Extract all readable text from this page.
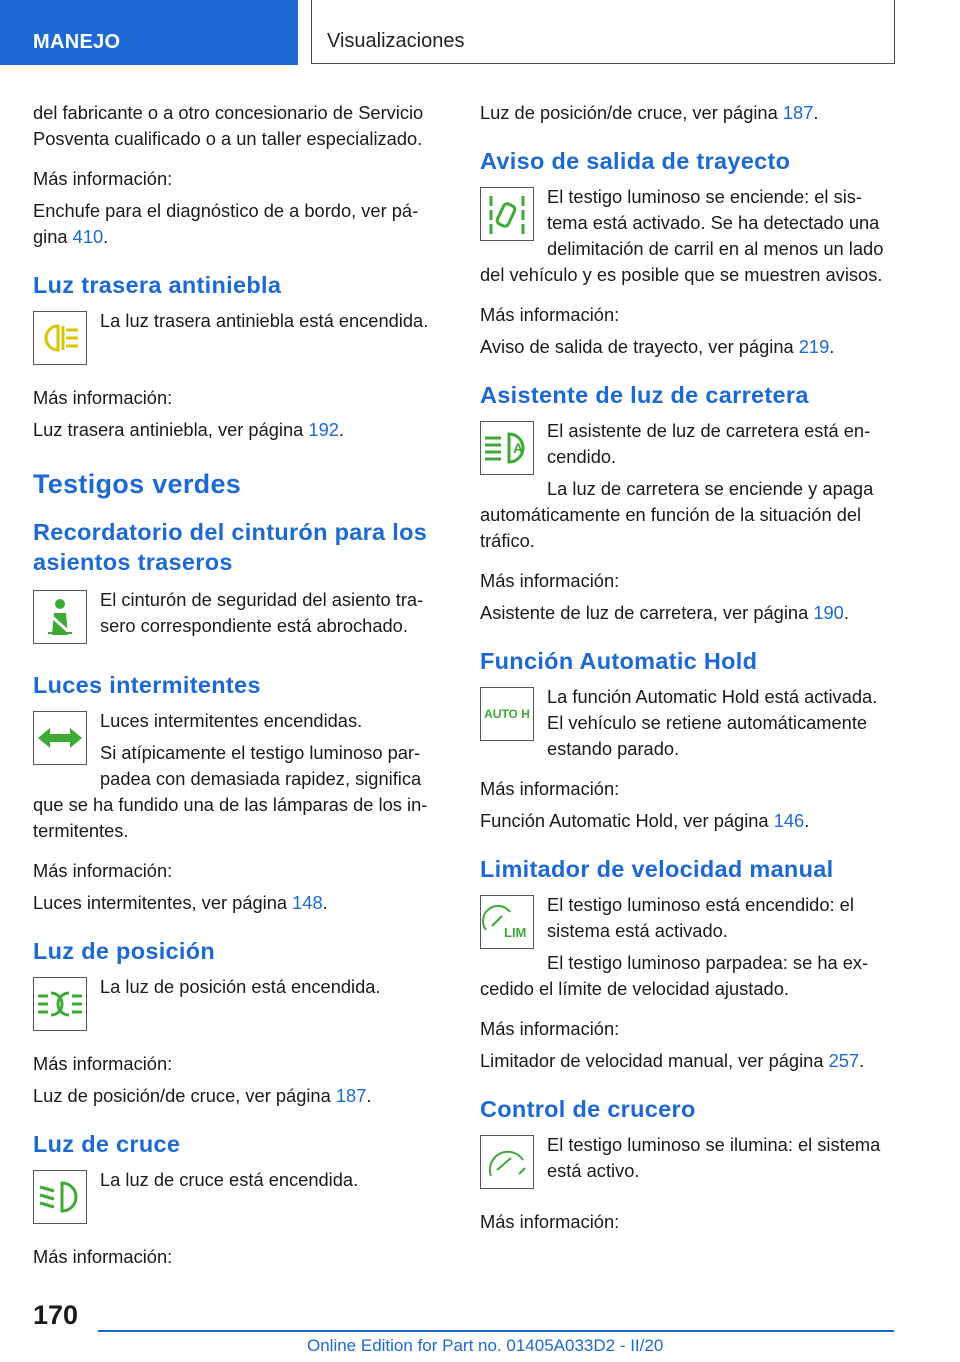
MANEJO	Visualizaciones

del fabricante o a otro concesionario de Servicio Posventa cualificado o a un taller especializado.

Más información:

Enchufe para el diagnóstico de a bordo, ver página 410.

Luz trasera antiniebla

La luz trasera antiniebla está encendida.

Más información:

Luz trasera antiniebla, ver página 192.

Testigos verdes
Recordatorio del cinturón para los asientos traseros

El cinturón de seguridad del asiento trasero correspondiente está abrochado.

Luces intermitentes

Luces intermitentes encendidas.

Si atípicamente el testigo luminoso parpadea con demasiada rapidez, significa que se ha fundido una de las lámparas de los intermitentes.

Más información:

Luces intermitentes, ver página 148.

Luz de posición

La luz de posición está encendida.

Más información:

Luz de posición/de cruce, ver página 187.

Luz de cruce

La luz de cruce está encendida.

Más información:

Luz de posición/de cruce, ver página 187.

Aviso de salida de trayecto

El testigo luminoso se enciende: el sistema está activado. Se ha detectado una delimitación de carril en al menos un lado del vehículo y es posible que se muestren avisos.

Más información:

Aviso de salida de trayecto, ver página 219.

Asistente de luz de carretera
A

El asistente de luz de carretera está encendido.

La luz de carretera se enciende y apaga automáticamente en función de la situación del tráfico.

Más información:

Asistente de luz de carretera, ver página 190.

Función Automatic Hold
AUTO H

La función Automatic Hold está activada. El vehículo se retiene automáticamente estando parado.

Más información:

Función Automatic Hold, ver página 146.

Limitador de velocidad manual
LIM

El testigo luminoso está encendido: el sistema está activado.

El testigo luminoso parpadea: se ha excedido el límite de velocidad ajustado.

Más información:

Limitador de velocidad manual, ver página 257.

Control de crucero

El testigo luminoso se ilumina: el sistema está activo.

Más información:

170
Online Edition for Part no. 01405A033D2 - II/20
